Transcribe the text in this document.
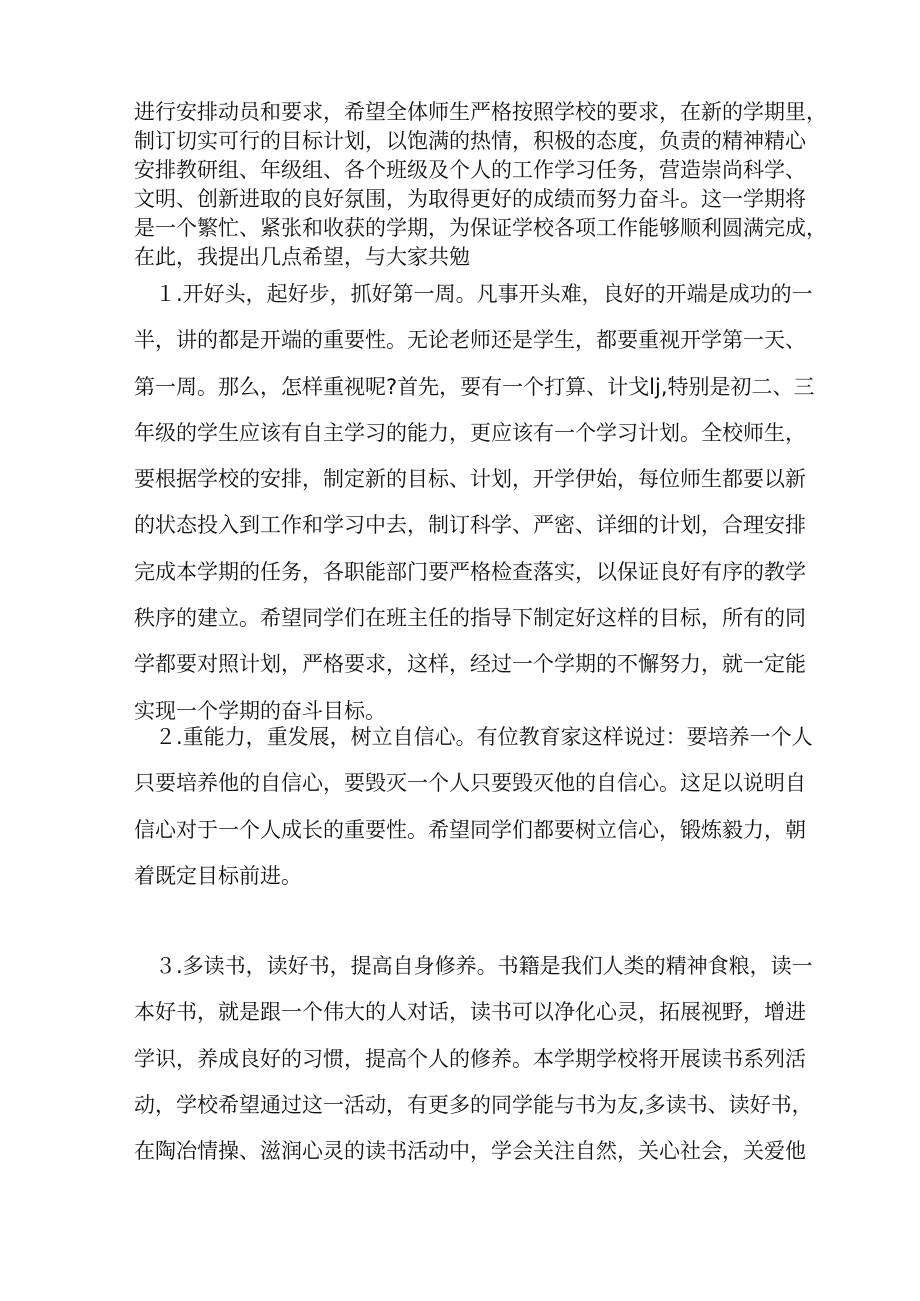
进行安排动员和要求，希望全体师生严格按照学校的要求，在新的学期里，
制订切实可行的目标计划，以饱满的热情，积极的态度，负责的精神精心
安排教研组、年级组、各个班级及个人的工作学习任务，营造崇尚科学、
文明、创新进取的良好氛围，为取得更好的成绩而努力奋斗。这一学期将
是一个繁忙、紧张和收获的学期，为保证学校各项工作能够顺利圆满完成，
在此，我提出几点希望，与大家共勉
　１.开好头，起好步，抓好第一周。凡事开头难，良好的开端是成功的一
半，讲的都是开端的重要性。无论老师还是学生，都要重视开学第一天、
第一周。那么，怎样重视呢?首先，要有一个打算、计戈lj,特别是初二、三
年级的学生应该有自主学习的能力，更应该有一个学习计划。全校师生，
要根据学校的安排，制定新的目标、计划，开学伊始，每位师生都要以新
的状态投入到工作和学习中去，制订科学、严密、详细的计划，合理安排
完成本学期的任务，各职能部门要严格检查落实，以保证良好有序的教学
秩序的建立。希望同学们在班主任的指导下制定好这样的目标，所有的同
学都要对照计划，严格要求，这样，经过一个学期的不懈努力，就一定能
实现一个学期的奋斗目标。
　２.重能力，重发展，树立自信心。有位教育家这样说过：要培养一个人
只要培养他的自信心，要毁灭一个人只要毁灭他的自信心。这足以说明自
信心对于一个人成长的重要性。希望同学们都要树立信心，锻炼毅力，朝
着既定目标前进。
　３.多读书，读好书，提高自身修养。书籍是我们人类的精神食粮，读一
本好书，就是跟一个伟大的人对话，读书可以净化心灵，拓展视野，增进
学识，养成良好的习惯，提高个人的修养。本学期学校将开展读书系列活
动，学校希望通过这一活动，有更多的同学能与书为友,多读书、读好书，
在陶冶情操、滋润心灵的读书活动中，学会关注自然，关心社会，关爱他
